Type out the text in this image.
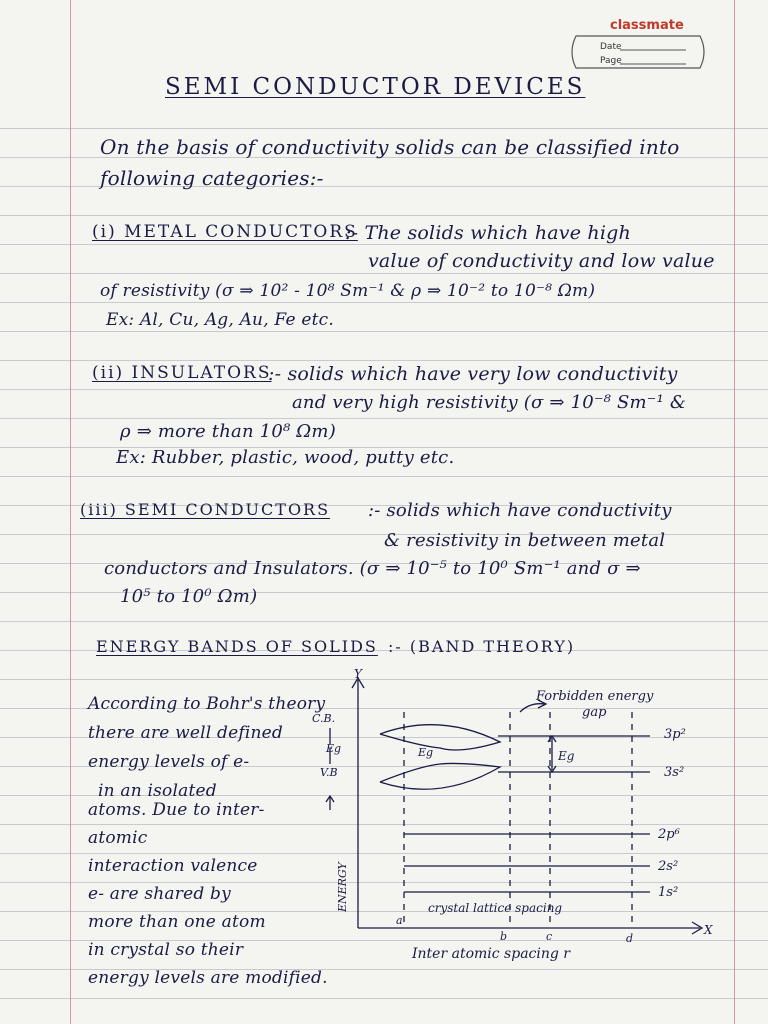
classmate
Date
Page
SEMI CONDUCTOR DEVICES
On the basis of conductivity solids can be classified into
following categories:-
(i) METAL CONDUCTORS
:- The solids which have high
value of conductivity and low value
of resistivity (σ ⇒ 10² - 10⁸ Sm⁻¹ & ρ ⇒ 10⁻² to 10⁻⁸ Ωm)
Ex: Al, Cu, Ag, Au, Fe etc.
(ii) INSULATORS
:- solids which have very low conductivity
and very high resistivity (σ ⇒ 10⁻⁸ Sm⁻¹ &
ρ ⇒ more than 10⁸ Ωm)
Ex: Rubber, plastic, wood, putty etc.
(iii) SEMI CONDUCTORS :- solids which have conductivity
& resistivity in between metal
conductors and Insulators. (σ ⇒ 10⁻⁵ to 10⁰ Sm⁻¹ and σ ⇒
10⁵ to 10⁰ Ωm)
ENERGY BANDS OF SOLIDS :- (BAND THEORY)
According to Bohr's theory
there are well defined
energy levels of e-
in an isolated
atoms. Due to inter-
atomic
interaction valence
e- are shared by
more than one atom
in crystal so their
energy levels are modified.
C.B.
Eg
V.B
Y
ENERGY
Forbidden energy
gap
Eg	Eg
3p²
3s²
2p⁶
2s²
1s²
crystal lattice spacing
a
b	c	d
X
Inter atomic spacing r
